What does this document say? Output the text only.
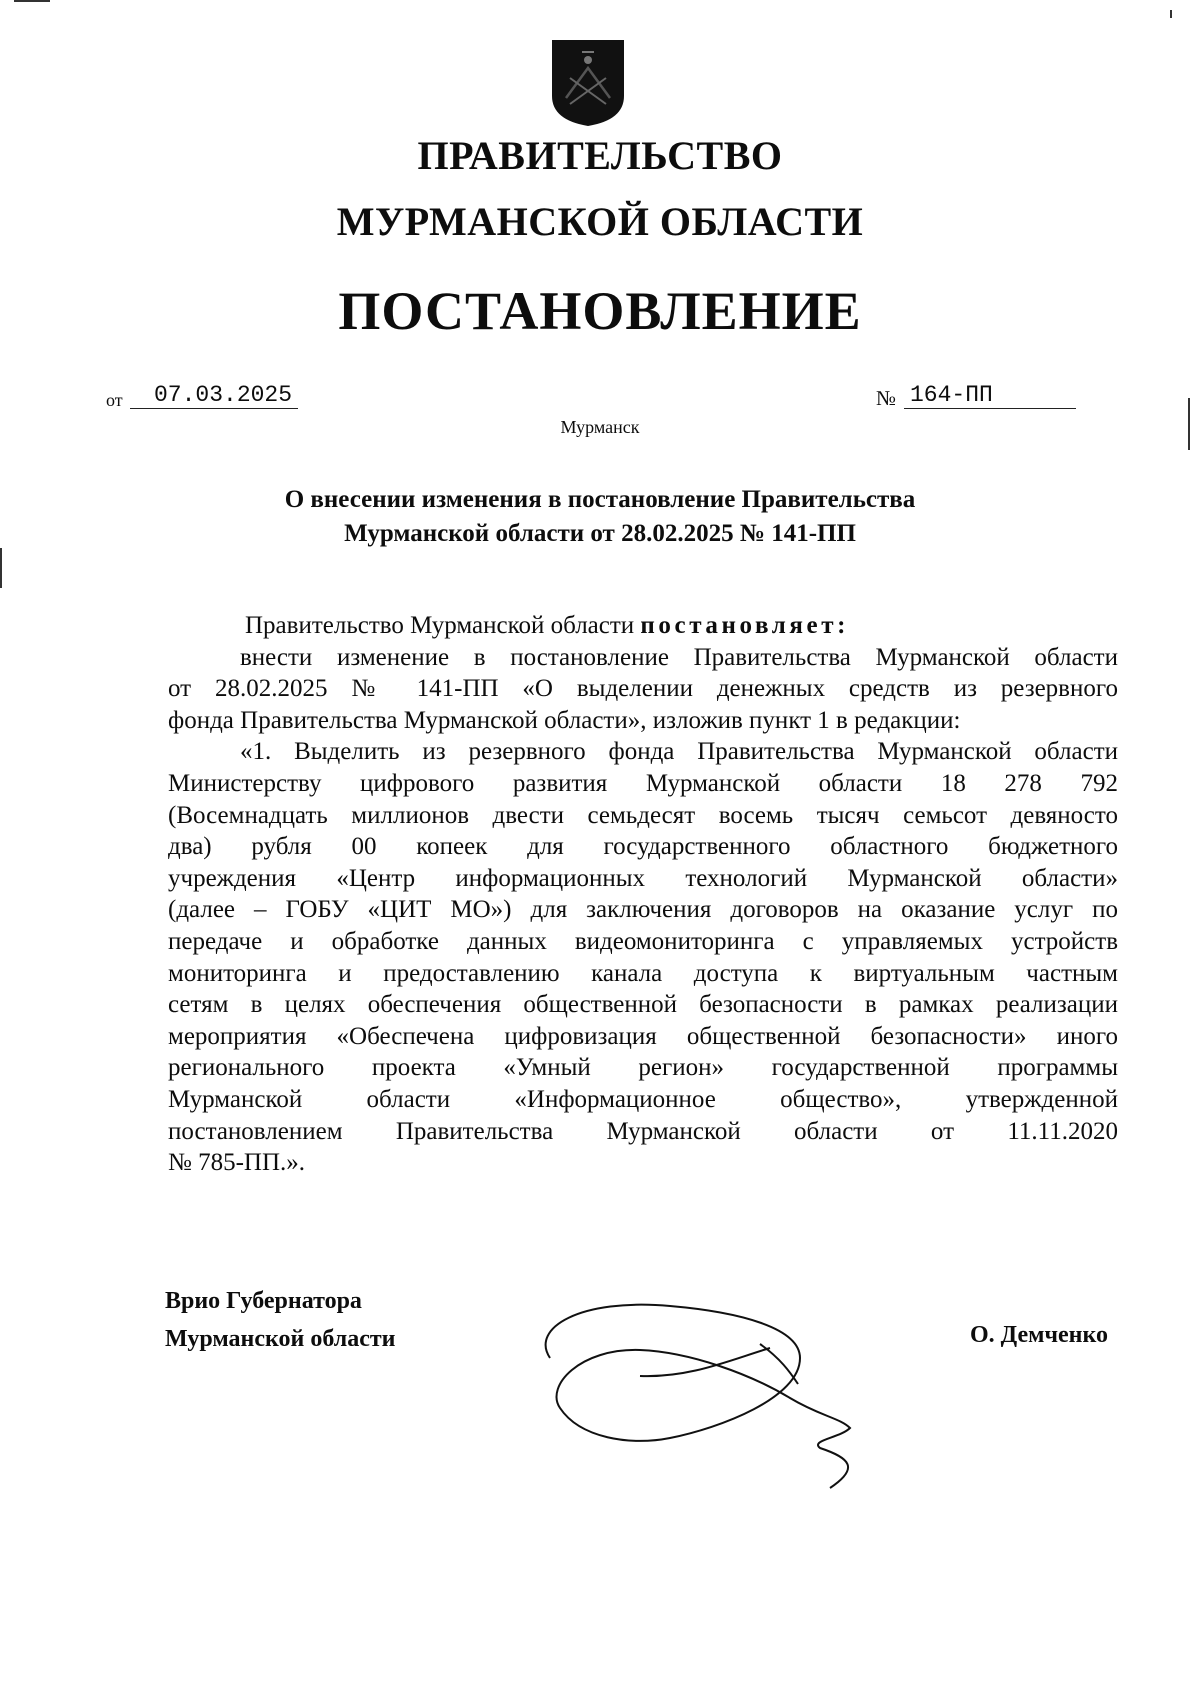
ПРАВИТЕЛЬСТВО
МУРМАНСКОЙ ОБЛАСТИ
ПОСТАНОВЛЕНИЕ
от	07.03.2025	№ 164-ПП
Мурманск
О внесении изменения в постановление Правительства
Мурманской области от 28.02.2025 № 141-ПП

Правительство Мурманской области постановляет:

внести изменение в постановление Правительства Мурманской области

от 28.02.2025 № 141-ПП «О выделении денежных средств из резервного

фонда Правительства Мурманской области», изложив пункт 1 в редакции:

«1. Выделить из резервного фонда Правительства Мурманской области

Министерству цифрового развития Мурманской области 18 278 792

(Восемнадцать миллионов двести семьдесят восемь тысяч семьсот девяносто

два) рубля 00 копеек для государственного областного бюджетного

учреждения «Центр информационных технологий Мурманской области»

(далее – ГОБУ «ЦИТ МО») для заключения договоров на оказание услуг по

передаче и обработке данных видеомониторинга с управляемых устройств

мониторинга и предоставлению канала доступа к виртуальным частным

сетям в целях обеспечения общественной безопасности в рамках реализации

мероприятия «Обеспечена цифровизация общественной безопасности» иного

регионального проекта «Умный регион» государственной программы

Мурманской области «Информационное общество», утвержденной

постановлением Правительства Мурманской области от 11.11.2020

№ 785-ПП.».

Врио Губернатора
Мурманской области	О. Демченко
